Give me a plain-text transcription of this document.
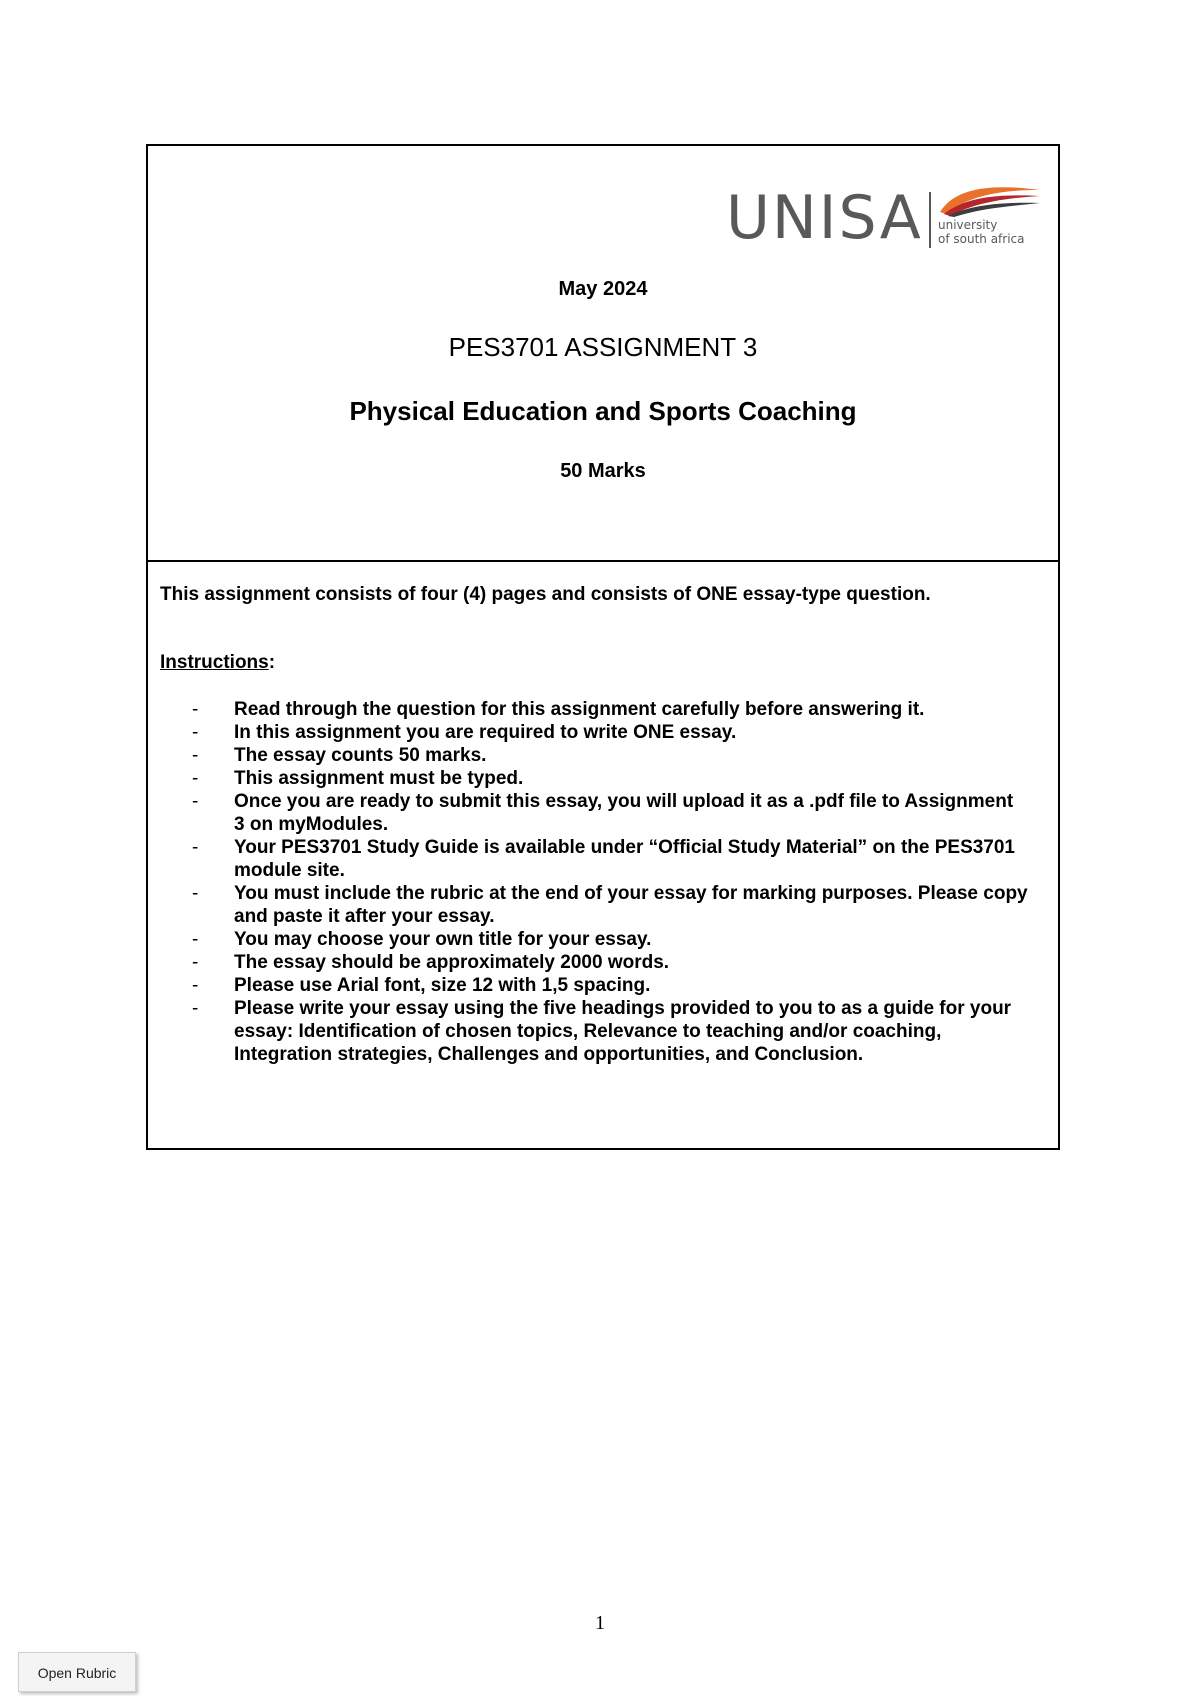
UNISA university
of south africa
May 2024
PES3701 ASSIGNMENT 3
Physical Education and Sports Coaching
50 Marks
This assignment consists of four (4) pages and consists of ONE essay-type question.
Instructions:
- Read through the question for this assignment carefully before answering it.
- In this assignment you are required to write ONE essay.
- The essay counts 50 marks.
- This assignment must be typed.
- Once you are ready to submit this essay, you will upload it as a .pdf file to Assignment 3 on myModules.
- Your PES3701 Study Guide is available under “Official Study Material” on the PES3701 module site.
- You must include the rubric at the end of your essay for marking purposes. Please copy and paste it after your essay.
- You may choose your own title for your essay.
- The essay should be approximately 2000 words.
- Please use Arial font, size 12 with 1,5 spacing.
- Please write your essay using the five headings provided to you to as a guide for your essay: Identification of chosen topics, Relevance to teaching and/or coaching, Integration strategies, Challenges and opportunities, and Conclusion.
1
Open Rubric
